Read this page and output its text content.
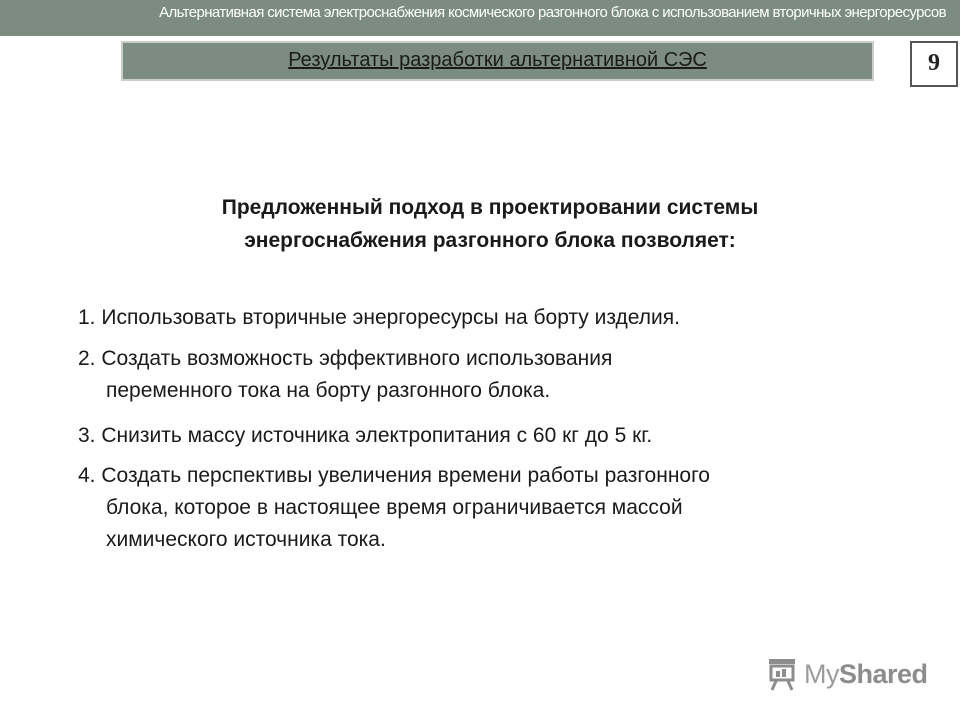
Альтернативная система электроснабжения космического разгонного блока с использованием вторичных энергоресурсов
Результаты разработки альтернативной СЭС	9
Предложенный подход в проектировании системы
энергоснабжения разгонного блока позволяет:
1. Использовать вторичные энергоресурсы на борту изделия.
2. Создать возможность эффективного использования
переменного тока на борту разгонного блока.
3. Снизить массу источника электропитания с 60 кг до 5 кг.
4. Создать перспективы увеличения времени работы разгонного
блока, которое в настоящее время ограничивается массой
химического источника тока.
MyShared
